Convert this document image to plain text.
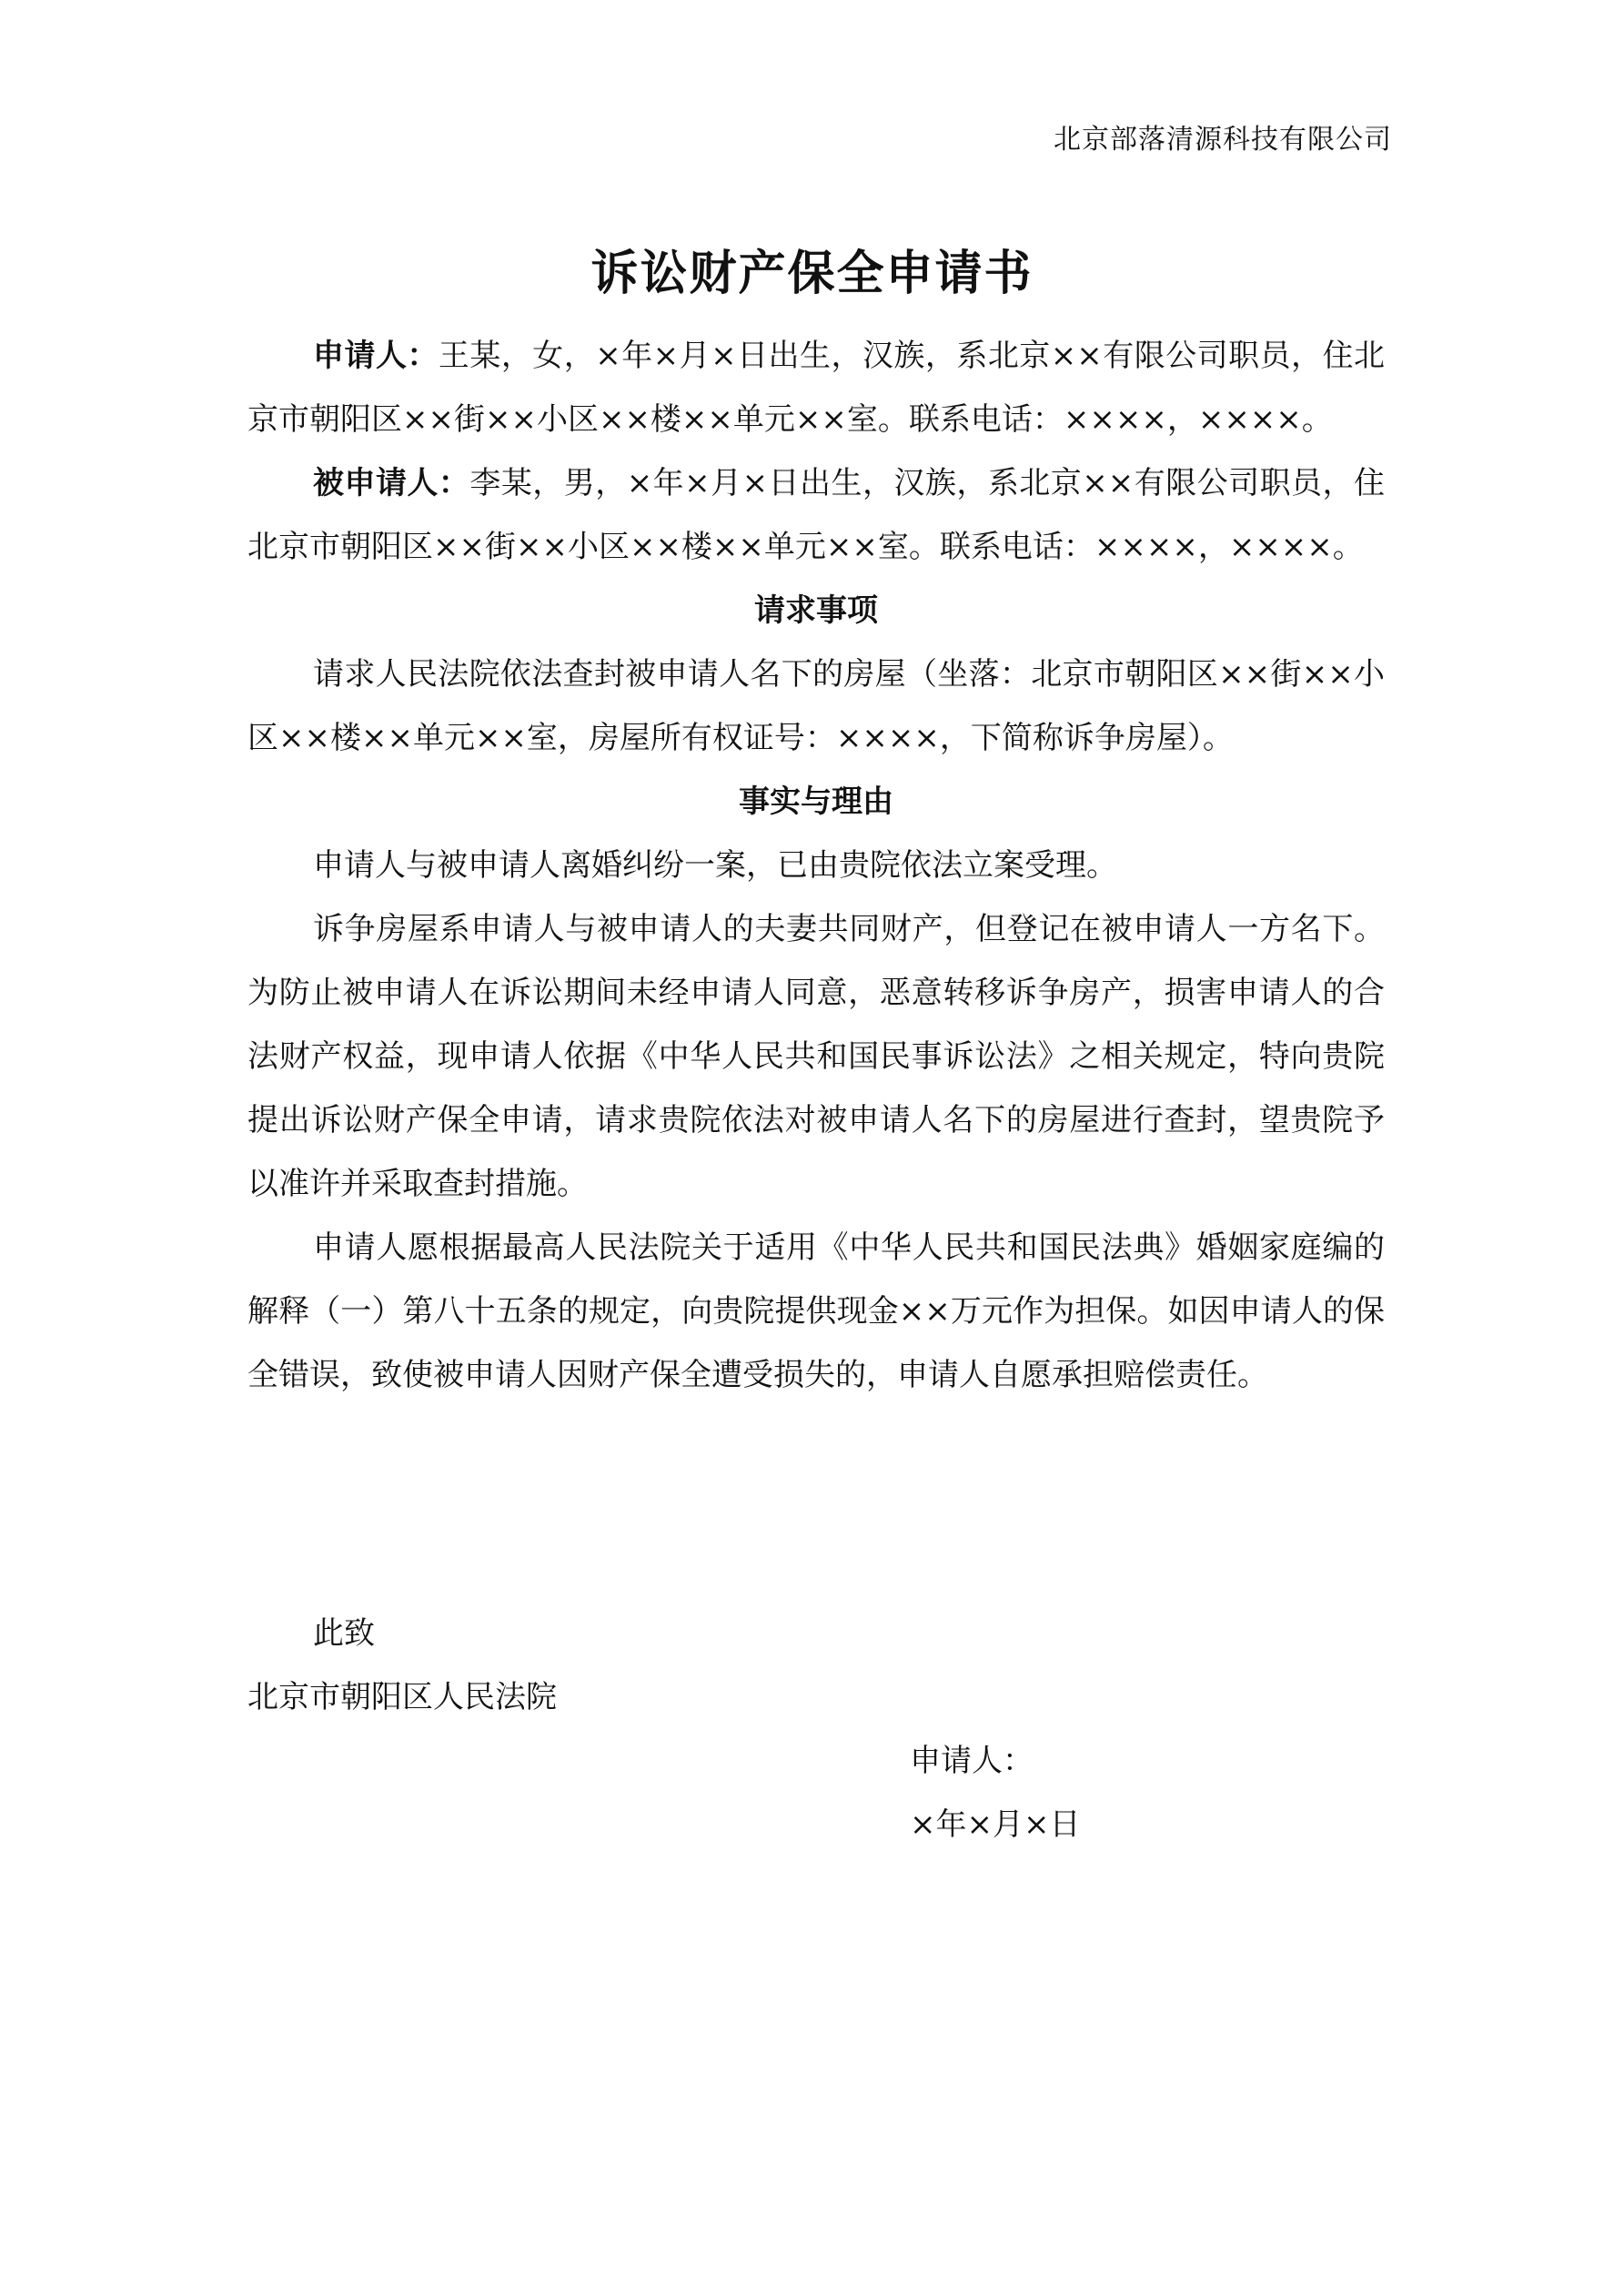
北京部落清源科技有限公司
诉讼财产保全申请书

申请人：王某，女，×年×月×日出生，汉族，系北京××有限公司职员，住北京市朝阳区××街××小区××楼××单元××室。联系电话：××××，××××。

被申请人：李某，男，×年×月×日出生，汉族，系北京××有限公司职员，住北京市朝阳区××街××小区××楼××单元××室。联系电话：××××，××××。

请求事项

请求人民法院依法查封被申请人名下的房屋（坐落：北京市朝阳区××街××小区××楼××单元××室，房屋所有权证号：××××，下简称诉争房屋）。

事实与理由

申请人与被申请人离婚纠纷一案，已由贵院依法立案受理。

诉争房屋系申请人与被申请人的夫妻共同财产，但登记在被申请人一方名下。为防止被申请人在诉讼期间未经申请人同意，恶意转移诉争房产，损害申请人的合法财产权益，现申请人依据《中华人民共和国民事诉讼法》之相关规定，特向贵院提出诉讼财产保全申请，请求贵院依法对被申请人名下的房屋进行查封，望贵院予以准许并采取查封措施。

申请人愿根据最高人民法院关于适用《中华人民共和国民法典》婚姻家庭编的解释（一）第八十五条的规定，向贵院提供现金××万元作为担保。如因申请人的保全错误，致使被申请人因财产保全遭受损失的，申请人自愿承担赔偿责任。

此致

北京市朝阳区人民法院

申请人：

×年×月×日
